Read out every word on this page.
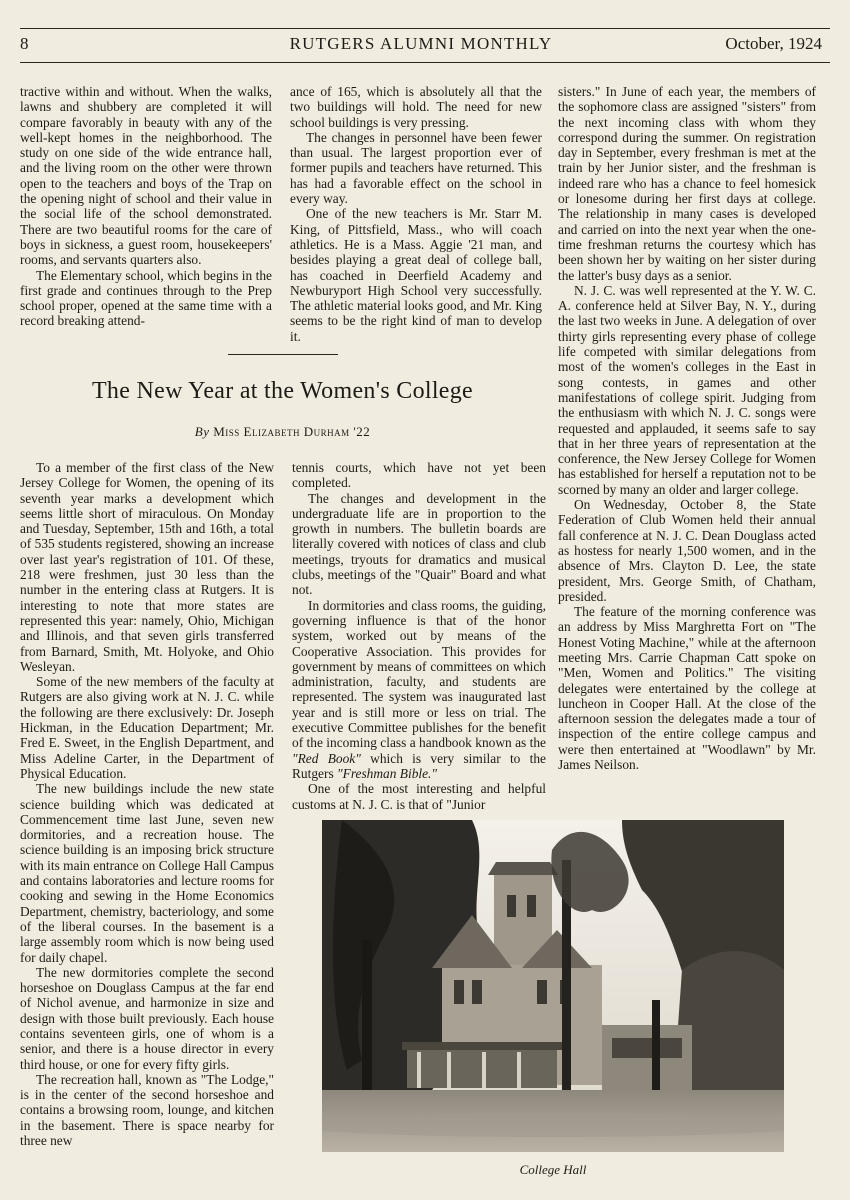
8	RUTGERS ALUMNI MONTHLY	October, 1924

tractive within and without. When the walks, lawns and shubbery are completed it will compare favorably in beauty with any of the well-kept homes in the neighborhood. The study on one side of the wide entrance hall, and the living room on the other were thrown open to the teachers and boys of the Trap on the opening night of school and their value in the social life of the school demonstrated. There are two beautiful rooms for the care of boys in sickness, a guest room, housekeepers' rooms, and servants quarters also.

The Elementary school, which begins in the first grade and continues through to the Prep school proper, opened at the same time with a record breaking attend-

ance of 165, which is absolutely all that the two buildings will hold. The need for new school buildings is very pressing.

The changes in personnel have been fewer than usual. The largest proportion ever of former pupils and teachers have returned. This has had a favorable effect on the school in every way.

One of the new teachers is Mr. Starr M. King, of Pittsfield, Mass., who will coach athletics. He is a Mass. Aggie '21 man, and besides playing a great deal of college ball, has coached in Deerfield Academy and Newburyport High School very successfully. The athletic material looks good, and Mr. King seems to be the right kind of man to develop it.

The New Year at the Women's College
By Miss Elizabeth Durham '22

To a member of the first class of the New Jersey College for Women, the opening of its seventh year marks a development which seems little short of miraculous. On Monday and Tuesday, September, 15th and 16th, a total of 535 students registered, showing an increase over last year's registration of 101. Of these, 218 were freshmen, just 30 less than the number in the entering class at Rutgers. It is interesting to note that more states are represented this year: namely, Ohio, Michigan and Illinois, and that seven girls transferred from Barnard, Smith, Mt. Holyoke, and Ohio Wesleyan.

Some of the new members of the faculty at Rutgers are also giving work at N. J. C. while the following are there exclusively: Dr. Joseph Hickman, in the Education Department; Mr. Fred E. Sweet, in the English Department, and Miss Adeline Carter, in the Department of Physical Education.

The new buildings include the new state science building which was dedicated at Commencement time last June, seven new dormitories, and a recreation house. The science building is an imposing brick structure with its main entrance on College Hall Campus and contains laboratories and lecture rooms for cooking and sewing in the Home Economics Department, chemistry, bacteriology, and some of the liberal courses. In the basement is a large assembly room which is now being used for daily chapel.

The new dormitories complete the second horseshoe on Douglass Campus at the far end of Nichol avenue, and harmonize in size and design with those built previously. Each house contains seventeen girls, one of whom is a senior, and there is a house director in every third house, or one for every fifty girls.

The recreation hall, known as "The Lodge," is in the center of the second horseshoe and contains a browsing room, lounge, and kitchen in the basement. There is space nearby for three new

tennis courts, which have not yet been completed.

The changes and development in the undergraduate life are in proportion to the growth in numbers. The bulletin boards are literally covered with notices of class and club meetings, tryouts for dramatics and musical clubs, meetings of the "Quair" Board and what not.

In dormitories and class rooms, the guiding, governing influence is that of the honor system, worked out by means of the Cooperative Association. This provides for government by means of committees on which administration, faculty, and students are represented. The system was inaugurated last year and is still more or less on trial. The executive Committee publishes for the benefit of the incoming class a handbook known as the "Red Book" which is very similar to the Rutgers "Freshman Bible."

One of the most interesting and helpful customs at N. J. C. is that of "Junior

sisters." In June of each year, the members of the sophomore class are assigned "sisters" from the next incoming class with whom they correspond during the summer. On registration day in September, every freshman is met at the train by her Junior sister, and the freshman is indeed rare who has a chance to feel homesick or lonesome during her first days at college. The relationship in many cases is developed and carried on into the next year when the one-time freshman returns the courtesy which has been shown her by waiting on her sister during the latter's busy days as a senior.

N. J. C. was well represented at the Y. W. C. A. conference held at Silver Bay, N. Y., during the last two weeks in June. A delegation of over thirty girls representing every phase of college life competed with similar delegations from most of the women's colleges in the East in song contests, in games and other manifestations of college spirit. Judging from the enthusiasm with which N. J. C. songs were requested and applauded, it seems safe to say that in her three years of representation at the conference, the New Jersey College for Women has established for herself a reputation not to be scorned by many an older and larger college.

On Wednesday, October 8, the State Federation of Club Women held their annual fall conference at N. J. C. Dean Douglass acted as hostess for nearly 1,500 women, and in the absence of Mrs. Clayton D. Lee, the state president, Mrs. George Smith, of Chatham, presided.

The feature of the morning conference was an address by Miss Marghretta Fort on "The Honest Voting Machine," while at the afternoon meeting Mrs. Carrie Chapman Catt spoke on "Men, Women and Politics." The visiting delegates were entertained by the college at luncheon in Cooper Hall. At the close of the afternoon session the delegates made a tour of inspection of the entire college campus and were then entertained at "Woodlawn" by Mr. James Neilson.

College Hall
